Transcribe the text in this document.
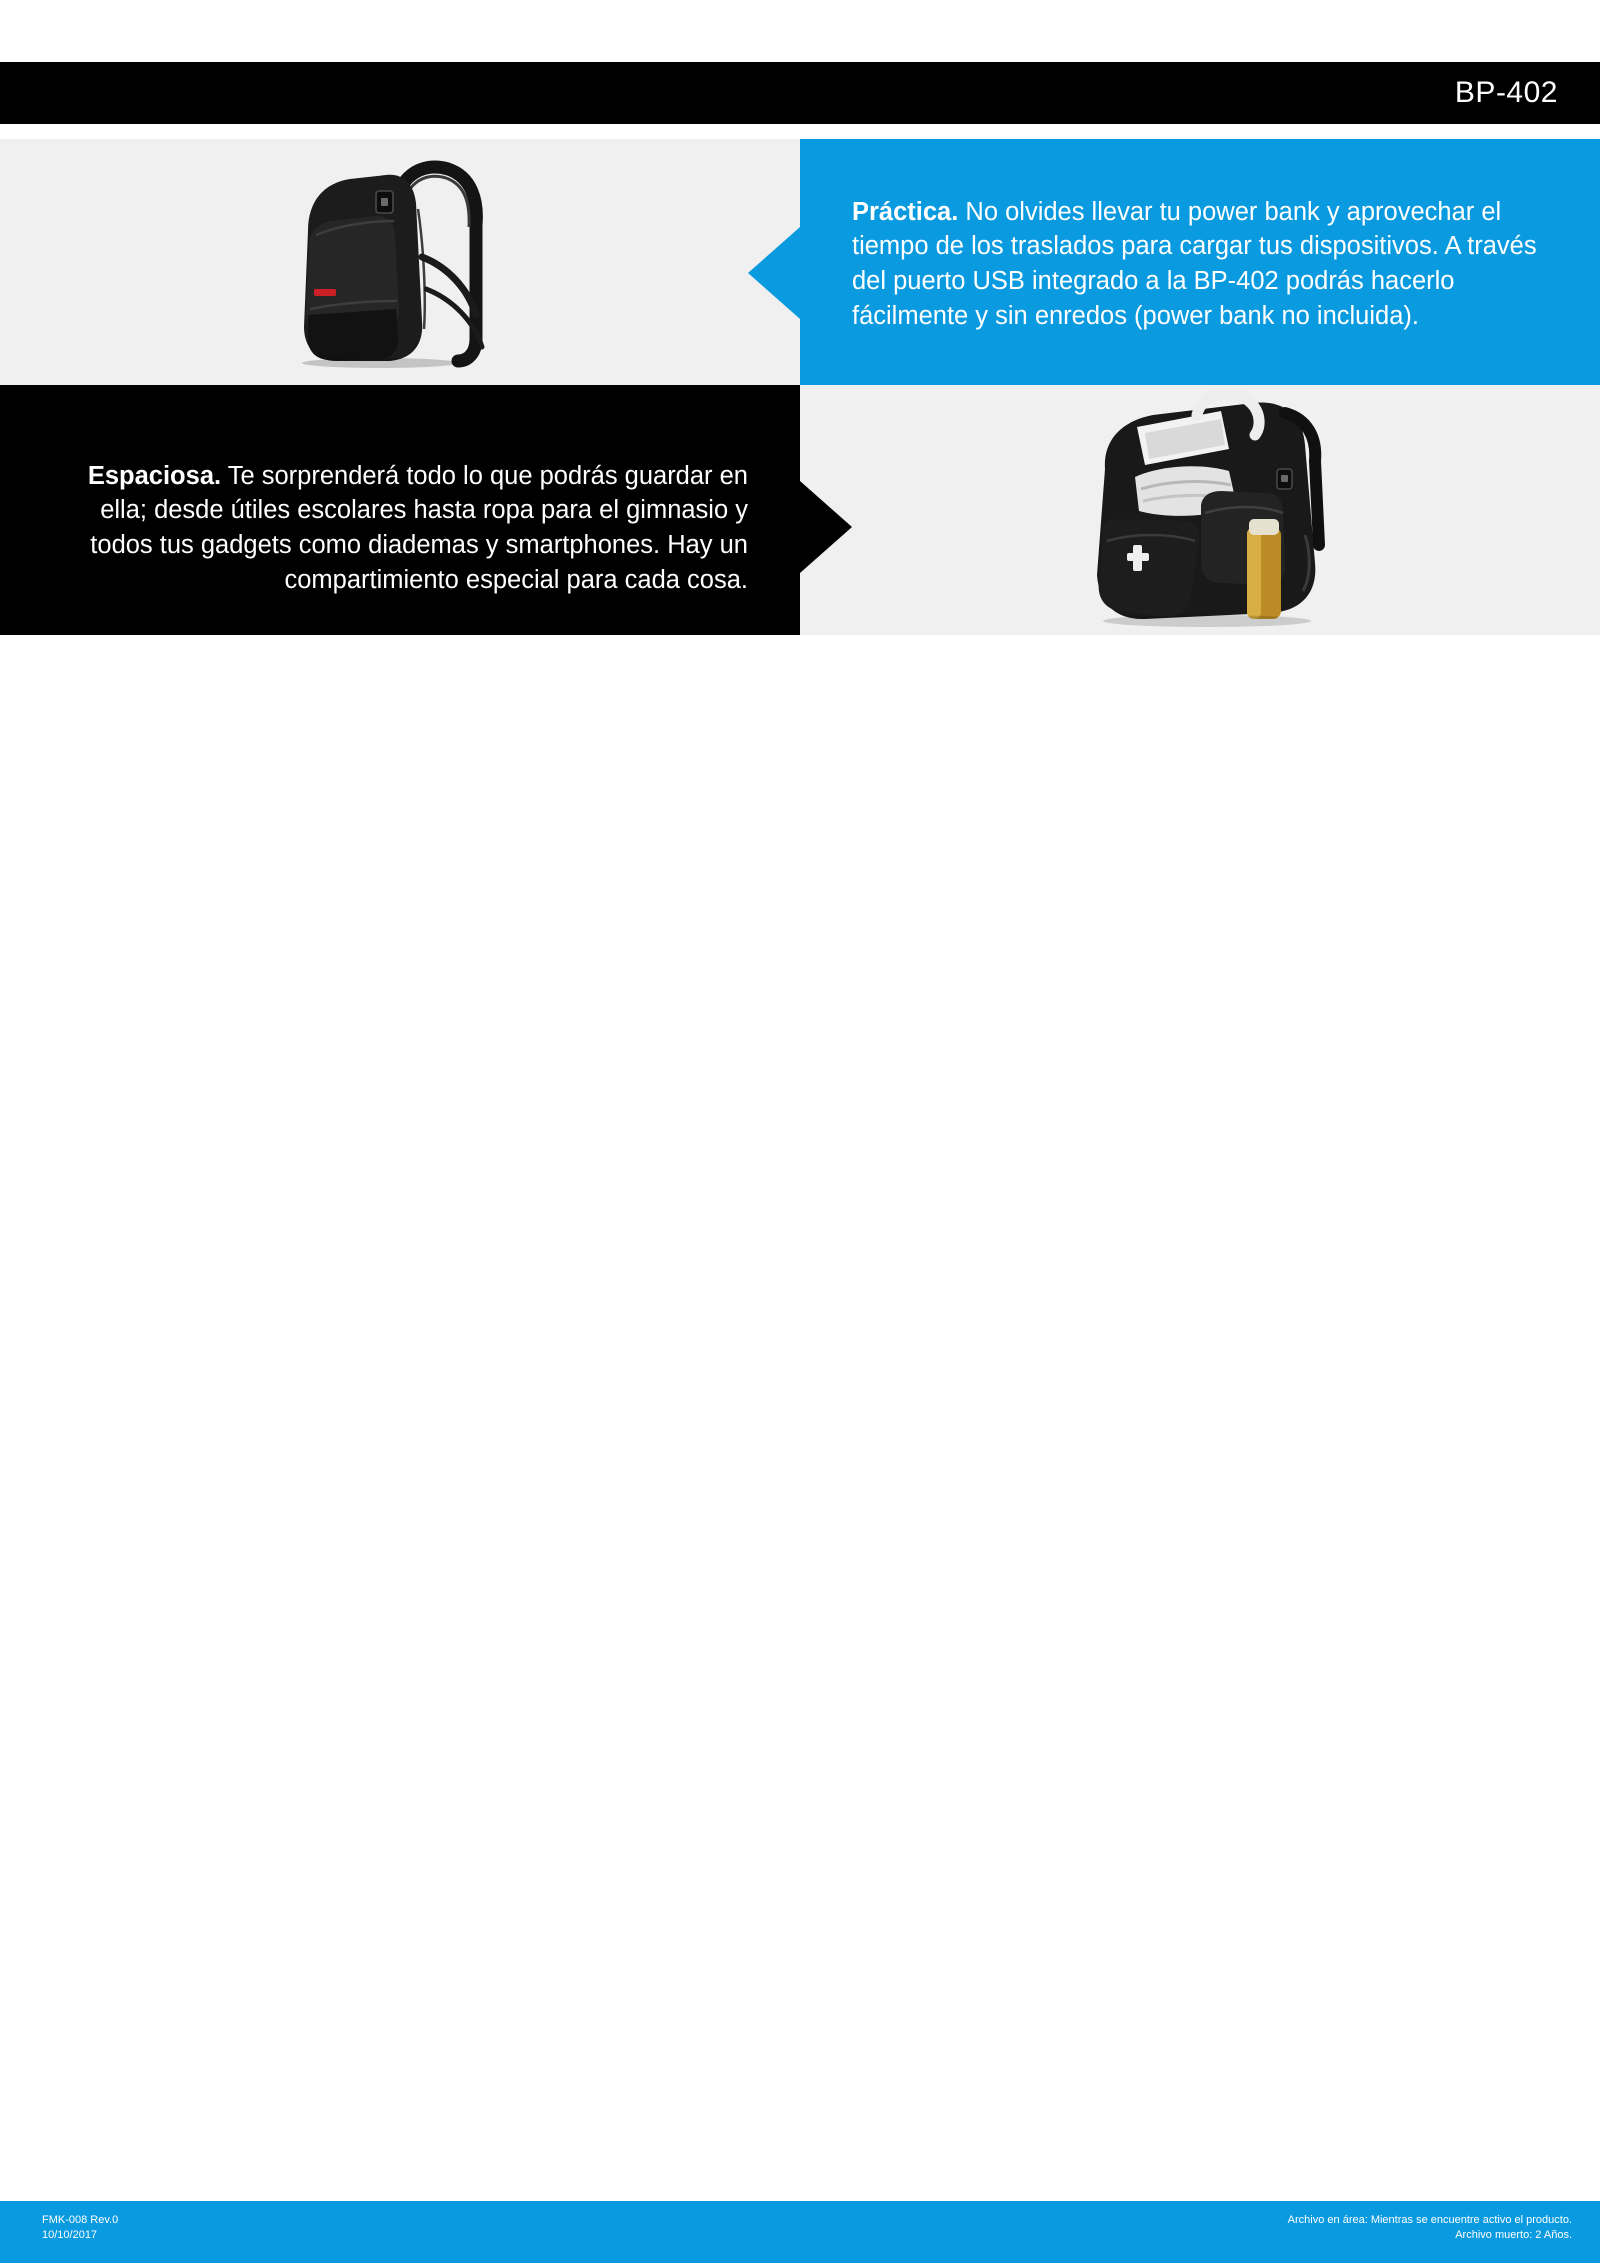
BP-402

Práctica. No olvides llevar tu power bank y aprovechar el tiempo de los traslados para cargar tus dispositivos. A través del puerto USB integrado a la BP-402 podrás hacerlo fácilmente y sin enredos (power bank no incluida).

Espaciosa. Te sorprenderá todo lo que podrás guardar en ella; desde útiles escolares hasta ropa para el gimnasio y todos tus gadgets como diademas y smartphones. Hay un compartimiento especial para cada cosa.

FMK-008 Rev.0
10/10/2017
Archivo en área: Mientras se encuentre activo el producto.
Archivo muerto: 2 Años.
